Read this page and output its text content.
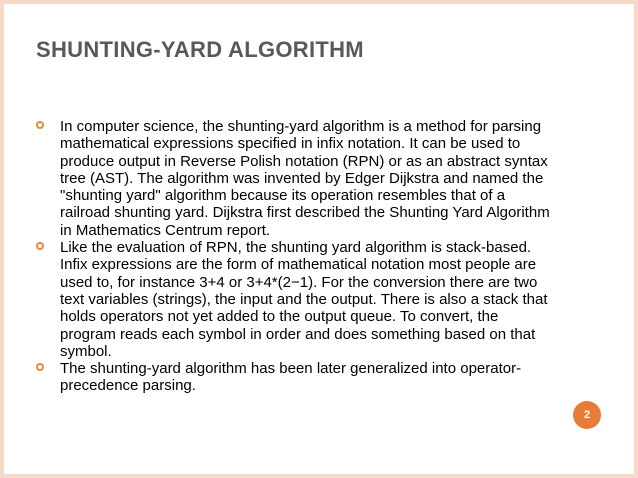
SHUNTING-YARD ALGORITHM

In computer science, the shunting-yard algorithm is a method for parsing mathematical expressions specified in infix notation. It can be used to produce output in Reverse Polish notation (RPN) or as an abstract syntax tree (AST). The algorithm was invented by Edger Dijkstra and named the "shunting yard" algorithm because its operation resembles that of a railroad shunting yard. Dijkstra first described the Shunting Yard Algorithm in Mathematics Centrum report.

Like the evaluation of RPN, the shunting yard algorithm is stack-based. Infix expressions are the form of mathematical notation most people are used to, for instance 3+4 or 3+4*(2−1). For the conversion there are two text variables (strings), the input and the output. There is also a stack that holds operators not yet added to the output queue. To convert, the program reads each symbol in order and does something based on that symbol.

The shunting-yard algorithm has been later generalized into operator-precedence parsing.

2
